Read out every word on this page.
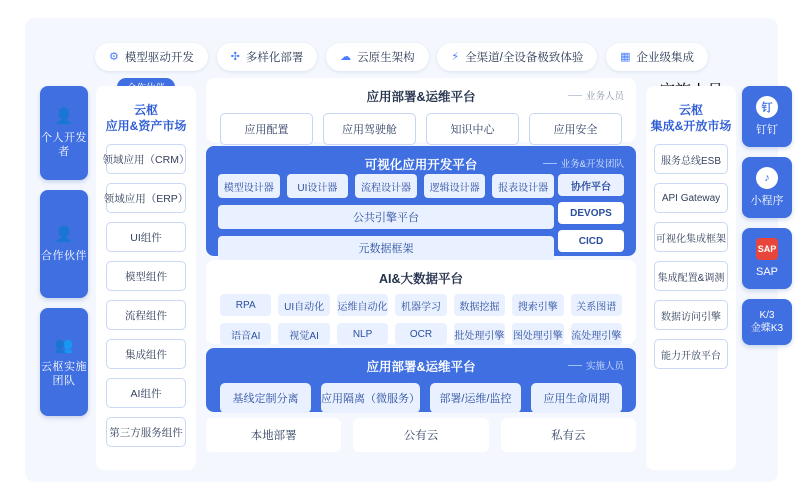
⚙ 模型驱动开发	✣ 多样化部署	☁ 云原生架构	⚡ 全渠道/全设备极致体验	▦ 企业级集成
👤
个人开发者
👤
合作伙伴
👥
云枢实施团队
云枢
应用&资产市场
领域应用（CRM）
领域应用（ERP）
UI组件
模型组件
流程组件
集成组件
AI组件
第三方服务组件
应用部署&运维平台	业务人员
应用配置	应用驾驶舱	知识中心	应用安全
可视化应用开发平台	业务&开发团队
模型设计器	UI设计器	流程设计器	逻辑设计器	报表设计器
公共引擎平台
元数据框架
协作平台
DEVOPS
CICD
AI&大数据平台
RPA	UI自动化	运维自动化	机器学习	数据挖掘	搜索引擎	关系图谱
语音AI	视觉AI	NLP	OCR	批处理引擎 图处理引擎 流处理引擎
应用部署&运维平台	实施人员
基线定制分离	应用隔离（微服务）	部署/运维/监控	应用生命周期
本地部署	公有云	私有云
云枢
集成&开放市场
服务总线ESB
API Gateway
可视化集成框架
集成配置&调测
数据访问引擎
能力开放平台
钉
钉钉
♪
小程序
SAP
SAP
K/3
金蝶K3
